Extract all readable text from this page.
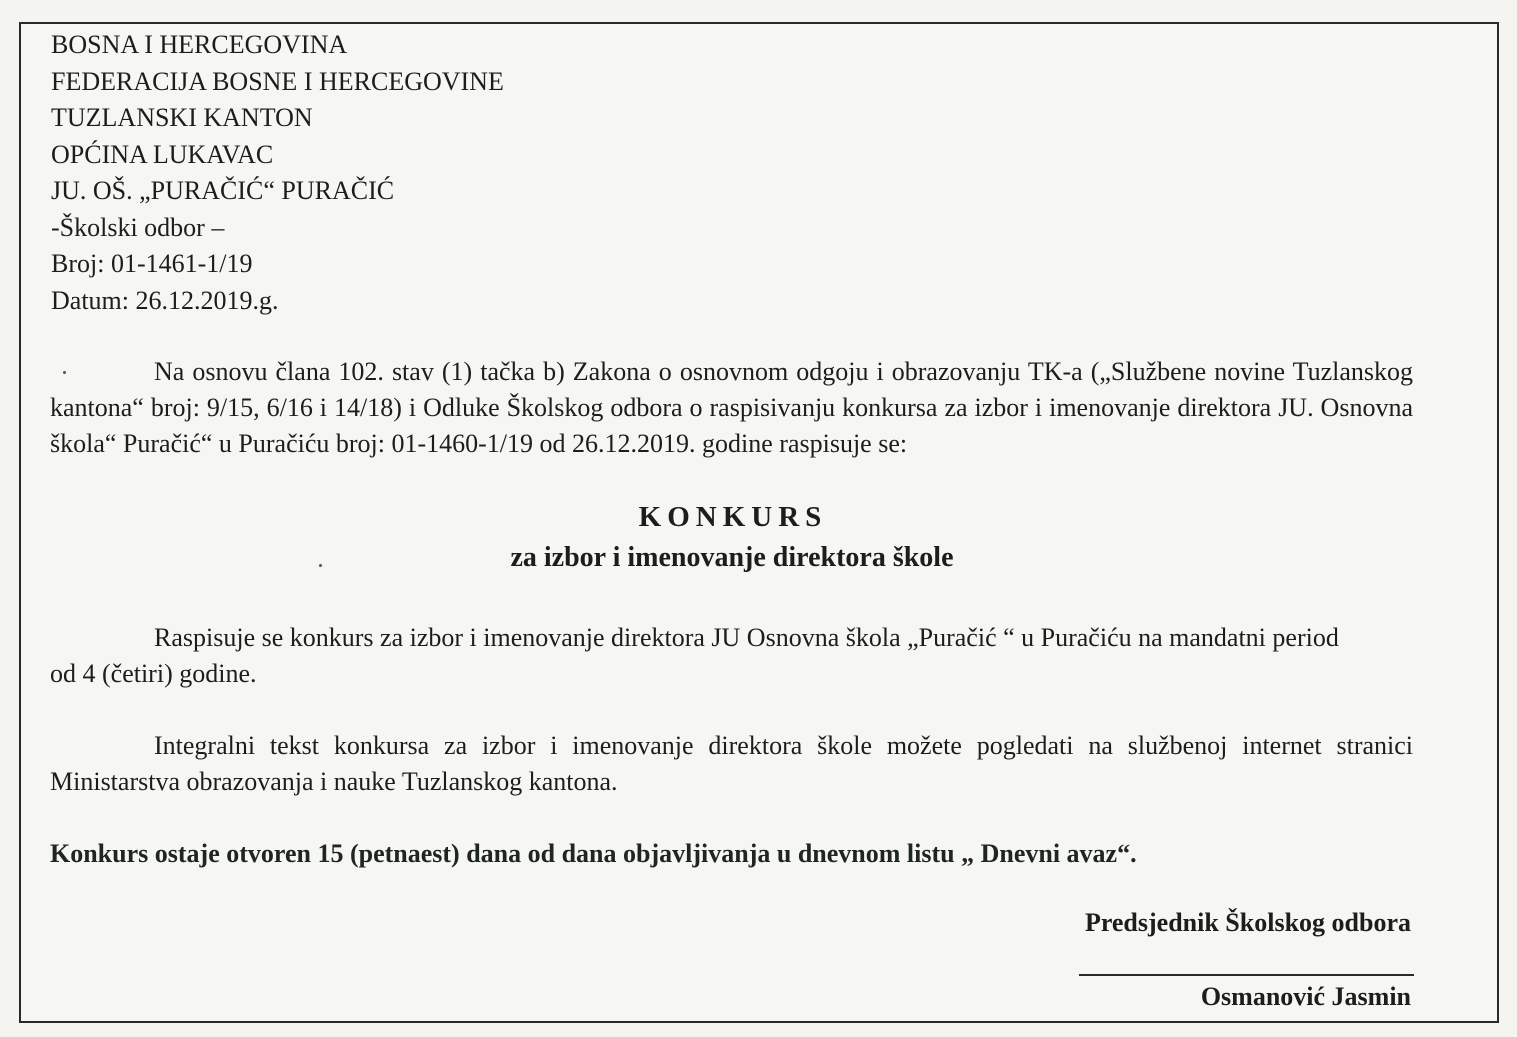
BOSNA I HERCEGOVINA
FEDERACIJA BOSNE I HERCEGOVINE
TUZLANSKI KANTON
OPĆINA LUKAVAC
JU. OŠ. „PURAČIĆ“ PURAČIĆ
-Školski odbor –
Broj: 01-1461-1/19
Datum: 26.12.2019.g.
Na osnovu člana 102. stav (1) tačka b) Zakona o osnovnom odgoju i obrazovanju TK-a („Službene novine Tuzlanskog kantona“ broj: 9/15, 6/16 i 14/18) i Odluke Školskog odbora o raspisivanju konkursa za izbor i imenovanje direktora JU. Osnovna škola“ Puračić“ u Puračiću broj: 01-1460-1/19 od 26.12.2019. godine raspisuje se:
KONKURS
za izbor i imenovanje direktora škole
Raspisuje se konkurs za izbor i imenovanje direktora JU Osnovna škola „Puračić “ u Puračiću na mandatni period od 4 (četiri) godine.
Integralni tekst konkursa za izbor i imenovanje direktora škole možete pogledati na službenoj internet stranici Ministarstva obrazovanja i nauke Tuzlanskog kantona.
Konkurs ostaje otvoren 15 (petnaest) dana od dana objavljivanja u dnevnom listu „ Dnevni avaz“.
Predsjednik Školskog odbora
Osmanović Jasmin
